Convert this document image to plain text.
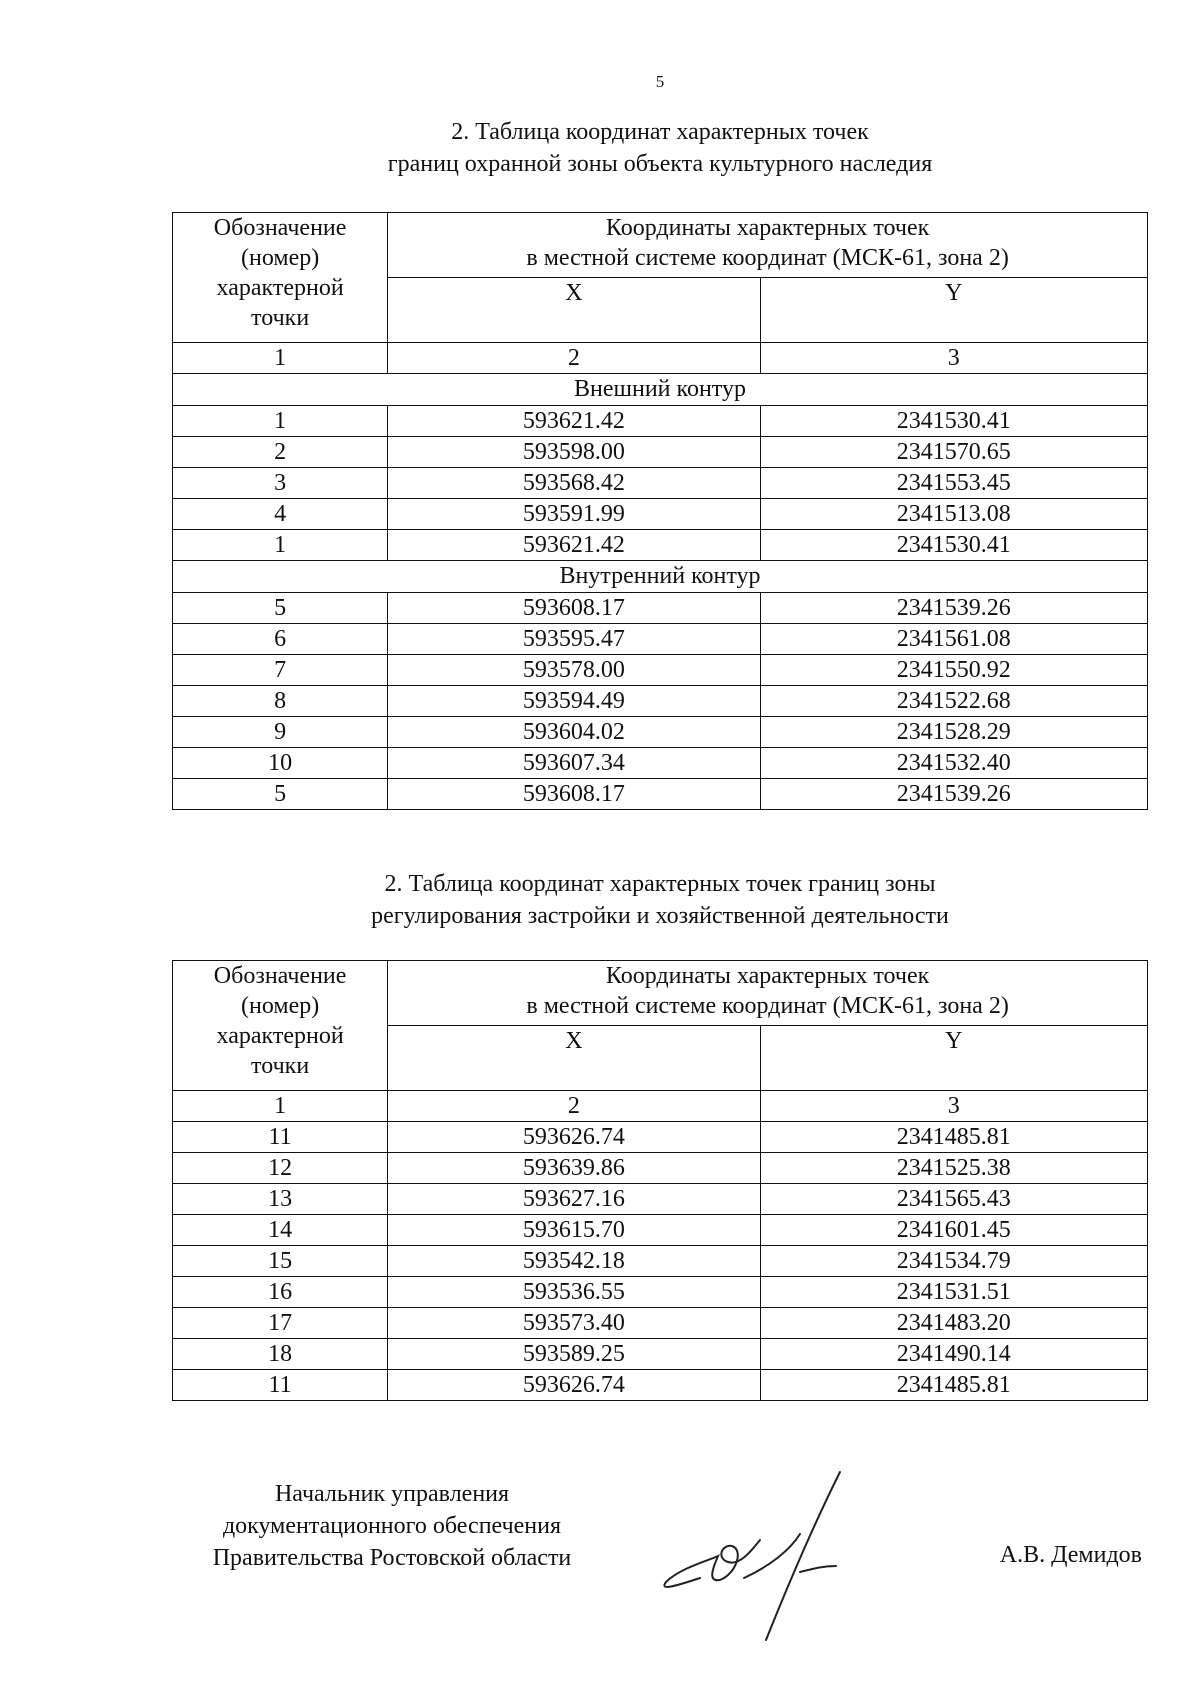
5
2. Таблица координат характерных точек
границ охранной зоны объекта культурного наследия
Обозначение
(номер)
характерной
точки	Координаты характерных точек
в местной системе координат (МСК-61, зона 2)	
	X	Y
1	2	3
Внешний контур		
1	593621.42	2341530.41
2	593598.00	2341570.65
3	593568.42	2341553.45
4	593591.99	2341513.08
1	593621.42	2341530.41
Внутренний контур		
5	593608.17	2341539.26
6	593595.47	2341561.08
7	593578.00	2341550.92
8	593594.49	2341522.68
9	593604.02	2341528.29
10	593607.34	2341532.40
5	593608.17	2341539.26
2. Таблица координат характерных точек границ зоны
регулирования застройки и хозяйственной деятельности
Обозначение
(номер)
характерной
точки	Координаты характерных точек
в местной системе координат (МСК-61, зона 2)	
	X	Y
1	2	3
11	593626.74	2341485.81
12	593639.86	2341525.38
13	593627.16	2341565.43
14	593615.70	2341601.45
15	593542.18	2341534.79
16	593536.55	2341531.51
17	593573.40	2341483.20
18	593589.25	2341490.14
11	593626.74	2341485.81
Начальник управления
документационного обеспечения
Правительства Ростовской области	А.В. Демидов
